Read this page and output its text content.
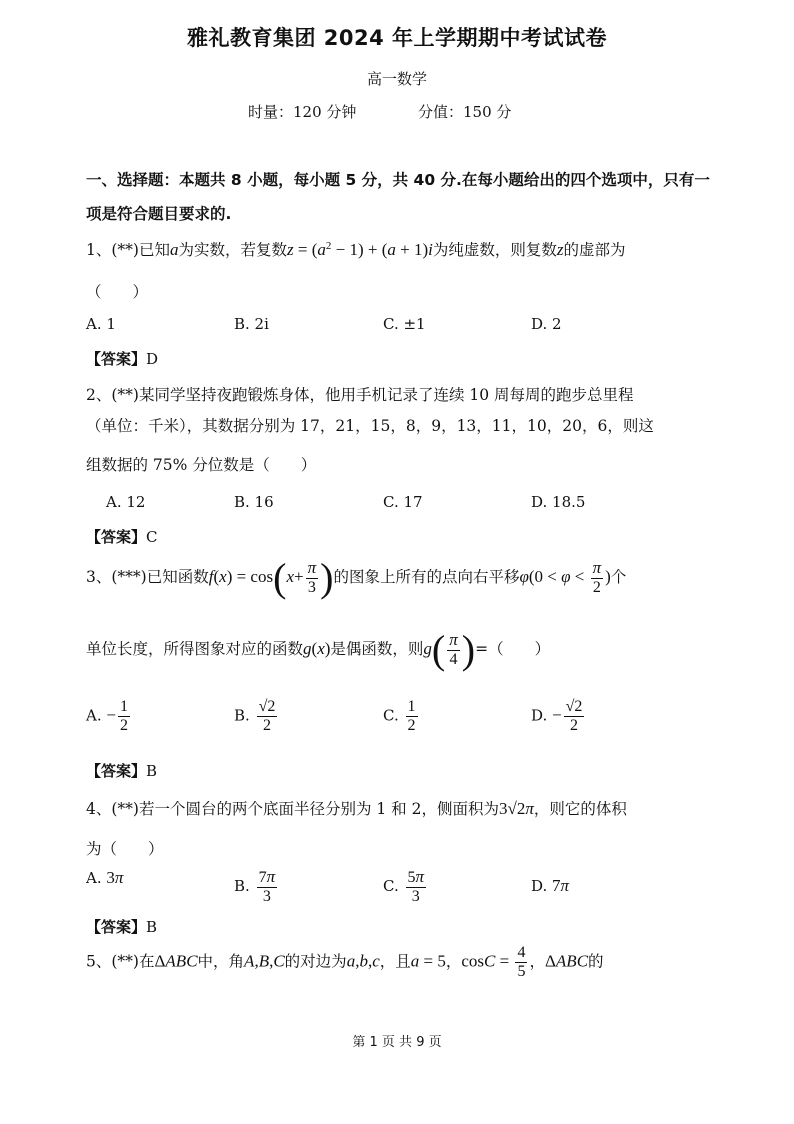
雅礼教育集团 2024 年上学期期中考试试卷
高一数学
时量：120 分钟	分值：150 分
一、选择题：本题共 8 小题，每小题 5 分，共 40 分.在每小题给出的四个选项中，只有一项是符合题目要求的.
1、(**)已知a为实数，若复数$z = (a^2 - 1) + (a + 1)i$为纯虚数，则复数z的虚部为
（　　）
A. 1	B. 2i	C. ±1	D. 2
【答案】D
2、(**)某同学坚持夜跑锻炼身体，他用手机记录了连续 10 周每周的跑步总里程
（单位：千米），其数据分别为 17，21，15，8，9，13，11，10，20，6，则这
组数据的 75% 分位数是（　　）
A. 12	B. 16	C. 17	D. 18.5
【答案】C
3、(***)已知函数$f(x) = \cos(x+ \frac{\pi}{3}$ )的图象上所有的点向右平移$\varphi(0 < \varphi < \frac{\pi}{2}$ )个
单位长度，所得图象对应的函数g(x)是偶函数，则$g( \frac{\pi}{4}$ )=（　　）
A. − $\frac{1}{2}$	B. $\frac{√2}{2}$	C. $\frac{1}{2}$	D. − $\frac{√2}{2}$
【答案】B
4、(**)若一个圆台的两个底面半径分别为 1 和 2，侧面积为3√2π，则它的体积
为（　　）
A. 3π	B. $\frac{7\pi}{3}$	C. $\frac{5\pi}{3}$	D. 7π
【答案】B
5、(**)在ΔABC中，角A,B,C的对边为a,b,c，且a = 5，$\cos C = \frac{4}{5}$ ，ΔABC的
第 1 页 共 9 页
